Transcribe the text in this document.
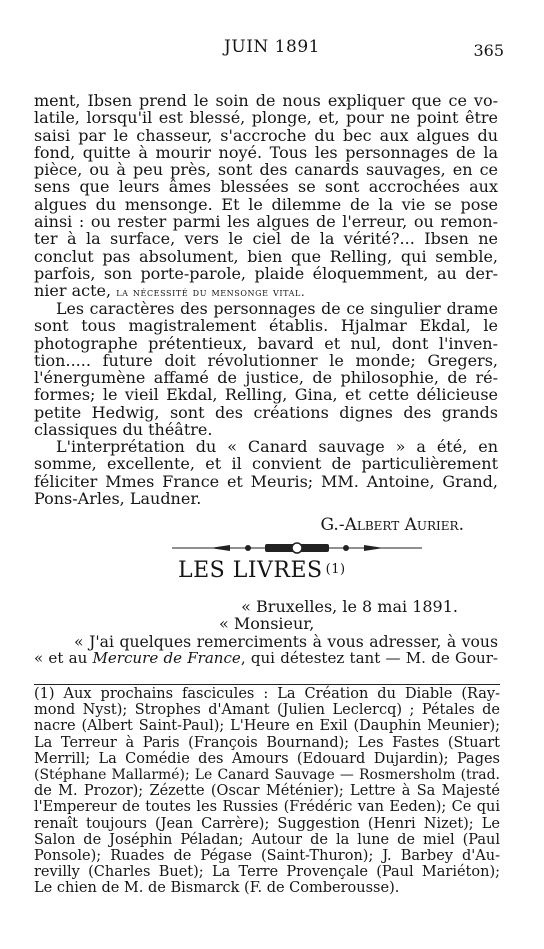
JUIN 1891	365
ment, Ibsen prend le soin de nous expliquer que ce vo-
latile, lorsqu'il est blessé, plonge, et, pour ne point être
saisi par le chasseur, s'accroche du bec aux algues du
fond, quitte à mourir noyé. Tous les personnages de la
pièce, ou à peu près, sont des canards sauvages, en ce
sens que leurs âmes blessées se sont accrochées aux
algues du mensonge. Et le dilemme de la vie se pose
ainsi : ou rester parmi les algues de l'erreur, ou remon-
ter à la surface, vers le ciel de la vérité?... Ibsen ne
conclut pas absolument, bien que Relling, qui semble,
parfois, son porte-parole, plaide éloquemment, au der-
nier acte, la nécessité du mensonge vital.
Les caractères des personnages de ce singulier drame
sont tous magistralement établis. Hjalmar Ekdal, le
photographe prétentieux, bavard et nul, dont l'inven-
tion..... future doit révolutionner le monde; Gregers,
l'énergumène affamé de justice, de philosophie, de ré-
formes; le vieil Ekdal, Relling, Gina, et cette délicieuse
petite Hedwig, sont des créations dignes des grands
classiques du théâtre.
L'interprétation du « Canard sauvage » a été, en
somme, excellente, et il convient de particulièrement
féliciter Mmes France et Meuris; MM. Antoine, Grand,
Pons-Arles, Laudner.
G.-Albert Aurier.
LES LIVRES (1)
« Bruxelles, le 8 mai 1891.
« Monsieur,
« J'ai quelques remerciments à vous adresser, à vous
« et au Mercure de France, qui détestez tant — M. de Gour-
(1) Aux prochains fascicules : La Création du Diable (Ray-
mond Nyst); Strophes d'Amant (Julien Leclercq) ; Pétales de
nacre (Albert Saint-Paul); L'Heure en Exil (Dauphin Meunier);
La Terreur à Paris (François Bournand); Les Fastes (Stuart
Merrill; La Comédie des Amours (Edouard Dujardin); Pages
(Stéphane Mallarmé); Le Canard Sauvage — Rosmersholm (trad.
de M. Prozor); Zézette (Oscar Méténier); Lettre à Sa Majesté
l'Empereur de toutes les Russies (Frédéric van Eeden); Ce qui
renaît toujours (Jean Carrère); Suggestion (Henri Nizet); Le
Salon de Joséphin Péladan; Autour de la lune de miel (Paul
Ponsole); Ruades de Pégase (Saint-Thuron); J. Barbey d'Au-
revilly (Charles Buet); La Terre Provençale (Paul Mariéton);
Le chien de M. de Bismarck (F. de Comberousse).
